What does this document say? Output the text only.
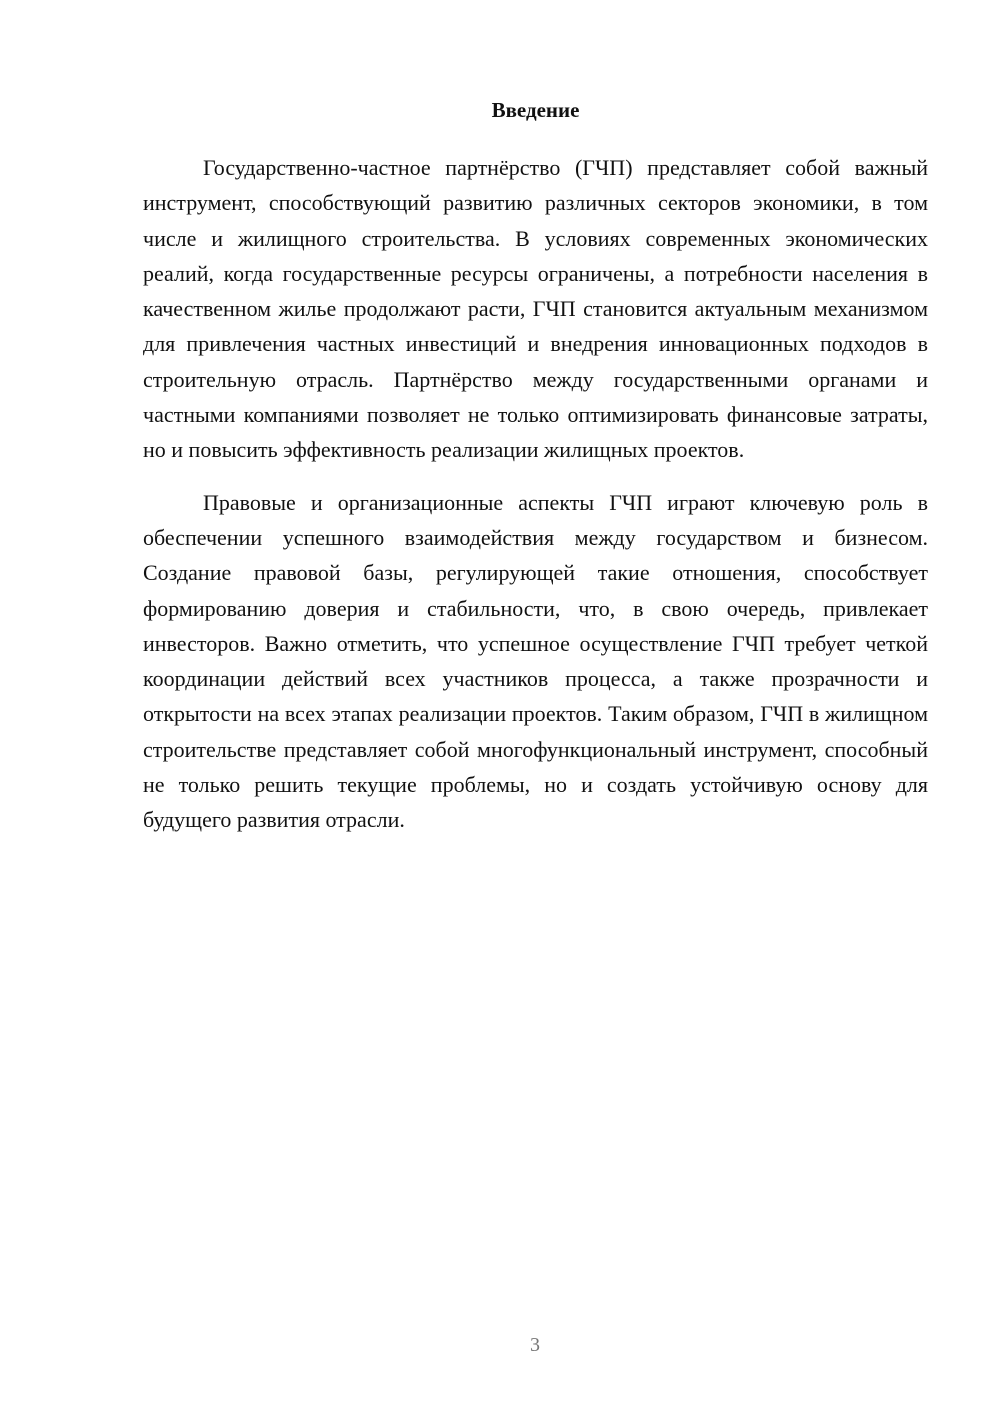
Введение

Государственно-частное партнёрство (ГЧП) представляет собой важный инструмент, способствующий развитию различных секторов экономики, в том числе и жилищного строительства. В условиях современных экономических реалий, когда государственные ресурсы ограничены, а потребности населения в качественном жилье продолжают расти, ГЧП становится актуальным механизмом для привлечения частных инвестиций и внедрения инновационных подходов в строительную отрасль. Партнёрство между государственными органами и частными компаниями позволяет не только оптимизировать финансовые затраты, но и повысить эффективность реализации жилищных проектов.

Правовые и организационные аспекты ГЧП играют ключевую роль в обеспечении успешного взаимодействия между государством и бизнесом. Создание правовой базы, регулирующей такие отношения, способствует формированию доверия и стабильности, что, в свою очередь, привлекает инвесторов. Важно отметить, что успешное осуществление ГЧП требует четкой координации действий всех участников процесса, а также прозрачности и открытости на всех этапах реализации проектов. Таким образом, ГЧП в жилищном строительстве представляет собой многофункциональный инструмент, способный не только решить текущие проблемы, но и создать устойчивую основу для будущего развития отрасли.

3
